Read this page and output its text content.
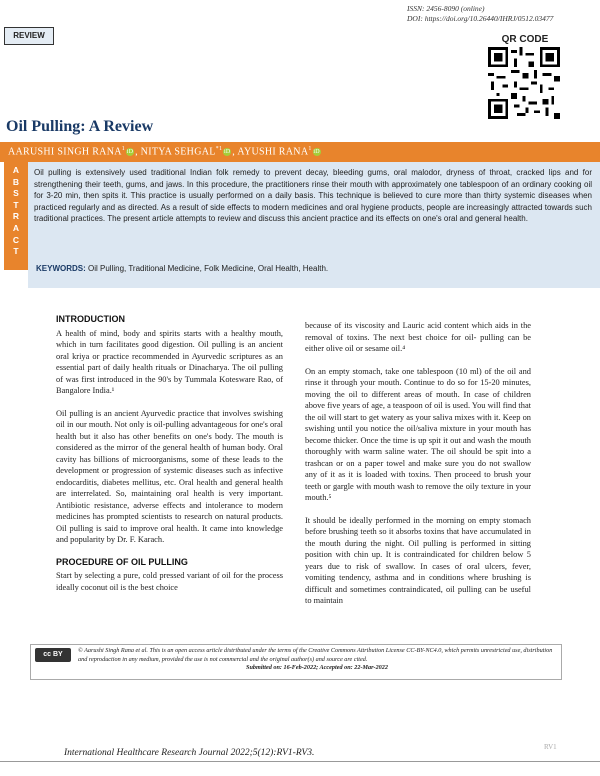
ISSN: 2456-8090 (online)
DOI: https://doi.org/10.26440/IHRJ/0512.03477
REVIEW	QR CODE
Oil Pulling: A Review
AARUSHI SINGH RANA$^1$iD , NITYA SEHGAL$^{*1}$iD , AYUSHI RANA$^1$iD
A
B
S
T
R
A
C
T
Oil pulling is extensively used traditional Indian folk remedy to prevent decay, bleeding gums, oral malodor, dryness of throat, cracked lips and for strengthening their teeth, gums, and jaws. In this procedure, the practitioners rinse their mouth with approximately one tablespoon of an ordinary cooking oil for 3-20 min, then spits it. This practice is usually performed on a daily basis. This technique is believed to cure more than thirty systemic diseases when practiced regularly and as directed. As a result of side effects to modern medicines and oral hygiene products, people are increasingly attracted towards such traditional practices. The present article attempts to review and discuss this ancient practice and its effects on one's oral and general health.
KEYWORDS: Oil Pulling, Traditional Medicine, Folk Medicine, Oral Health, Health.
INTRODUCTION

A health of mind, body and spirits starts with a healthy mouth, which in turn facilitates good digestion. Oil pulling is an ancient oral kriya or practice recommended in Ayurvedic scriptures as an essential part of daily health rituals or Dinacharya. The oil pulling of was first introduced in the 90's by Tummala Kotesware Rao, of Bangalore India.¹

Oil pulling is an ancient Ayurvedic practice that involves swishing oil in our mouth. Not only is oil-pulling advantageous for one's oral health but it also has other benefits on one's body. The mouth is considered as the mirror of the general health of human body. Oral cavity has billions of microorganisms, some of these leads to the development or progression of systemic diseases such as infective endocarditis, diabetes mellitus, etc. Oral health and general health are interrelated. So, maintaining oral health is very important. Antibiotic resistance, adverse effects and intolerance to modern medicines has prompted scientists to research on natural products. Oil pulling is said to improve oral health. It came into knowledge and popularity by Dr. F. Karach.

PROCEDURE OF OIL PULLING

Start by selecting a pure, cold pressed variant of oil for the process ideally coconut oil is the best choice

because of its viscosity and Lauric acid content which aids in the removal of toxins. The next best choice for oil- pulling can be either olive oil or sesame oil.⁴

On an empty stomach, take one tablespoon (10 ml) of the oil and rinse it through your mouth. Continue to do so for 15-20 minutes, moving the oil to different areas of mouth. In case of children above five years of age, a teaspoon of oil is used. You will find that the oil will start to get watery as your saliva mixes with it. Keep on swishing until you notice the oil/saliva mixture in your mouth has become thicker. Once the time is up spit it out and wash the mouth thoroughly with warm saline water. The oil should be spit into a trashcan or on a paper towel and make sure you do not swallow any of it as it is loaded with toxins. Then proceed to brush your teeth or gargle with mouth wash to remove the oily texture in your mouth.⁵

It should be ideally performed in the morning on empty stomach before brushing teeth so it absorbs toxins that have accumulated in the mouth during the night. Oil pulling is performed in sitting position with chin up. It is contraindicated for children below 5 years due to risk of swallow. In cases of oral ulcers, fever, vomiting tendency, asthma and in conditions where brushing is difficult and sometimes contraindicated, oil pulling can be useful to maintain

cc BY
© Aarushi Singh Rana et al. This is an open access article distributed under the terms of the Creative Commons Attribution License CC-BY-NC4.0, which permits unrestricted use, distribution and reproduction in any medium, provided the use is not commercial and the original author(s) and source are cited.
Submitted on: 16-Feb-2022; Accepted on: 22-Mar-2022
RV1
International Healthcare Research Journal 2022;5(12):RV1-RV3.
